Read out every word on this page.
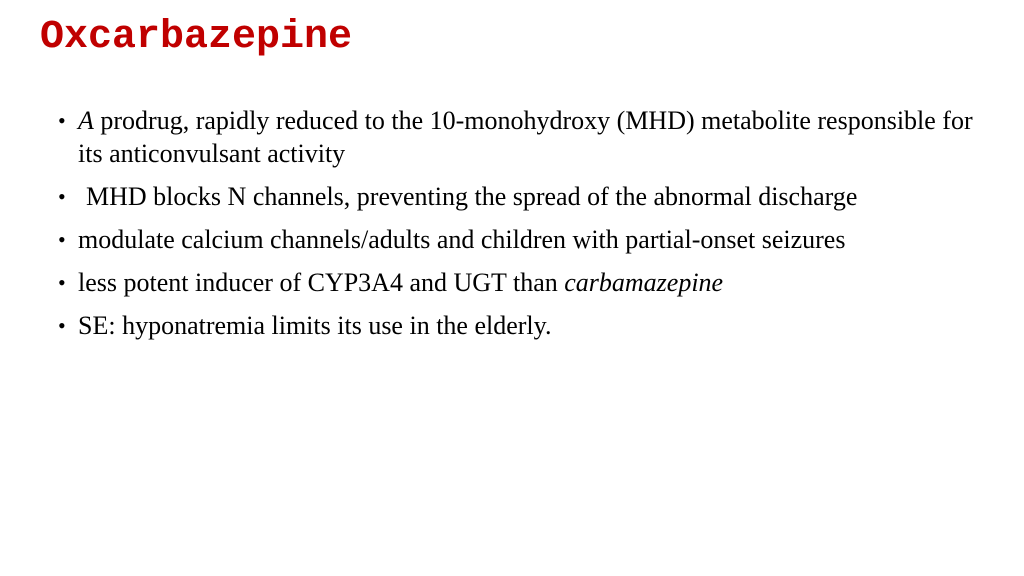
Oxcarbazepine
• A prodrug, rapidly reduced to the 10-monohydroxy (MHD) metabolite responsible for its anticonvulsant activity
• MHD blocks N channels, preventing the spread of the abnormal discharge
• modulate calcium channels/adults and children with partial-onset seizures
• less potent inducer of CYP3A4 and UGT than carbamazepine
• SE: hyponatremia limits its use in the elderly.
